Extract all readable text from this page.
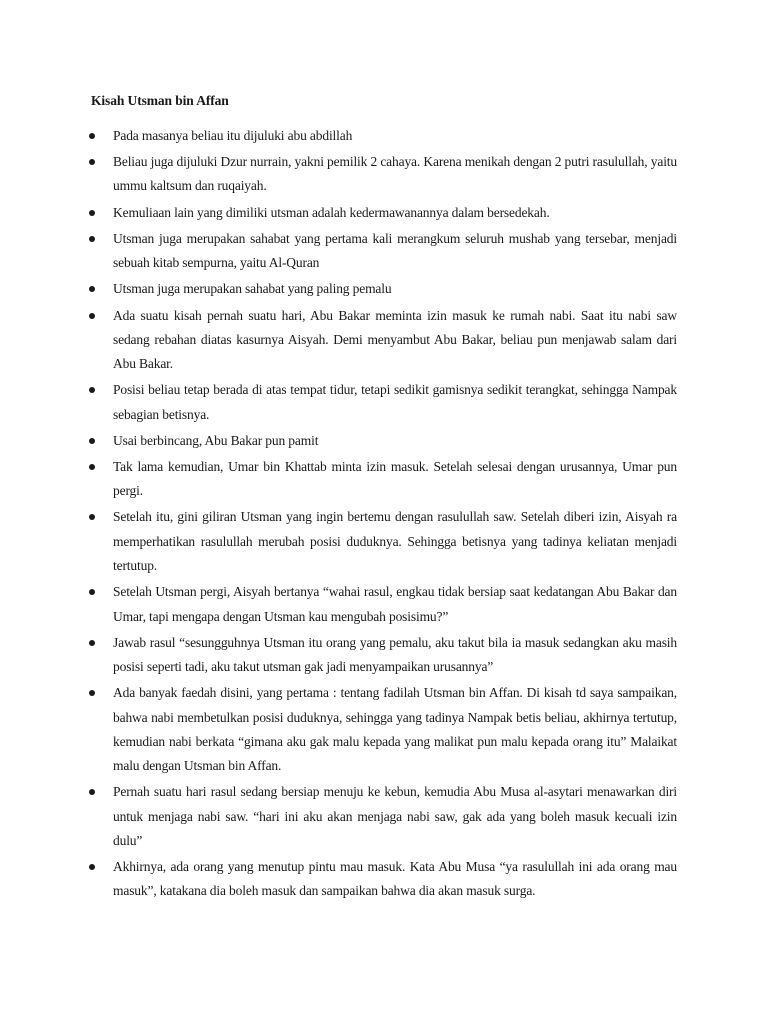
Kisah Utsman bin Affan
Pada masanya beliau itu dijuluki abu abdillah
Beliau juga dijuluki Dzur nurrain, yakni pemilik 2 cahaya. Karena menikah dengan 2 putri rasulullah, yaitu ummu kaltsum dan ruqaiyah.
Kemuliaan lain yang dimiliki utsman adalah kedermawanannya dalam bersedekah.
Utsman juga merupakan sahabat yang pertama kali merangkum seluruh mushab yang tersebar, menjadi sebuah kitab sempurna, yaitu Al-Quran
Utsman juga merupakan sahabat yang paling pemalu
Ada suatu kisah pernah suatu hari, Abu Bakar meminta izin masuk ke rumah nabi. Saat itu nabi saw sedang rebahan diatas kasurnya Aisyah. Demi menyambut Abu Bakar, beliau pun menjawab salam dari Abu Bakar.
Posisi beliau tetap berada di atas tempat tidur, tetapi sedikit gamisnya sedikit terangkat, sehingga Nampak sebagian betisnya.
Usai berbincang, Abu Bakar pun pamit
Tak lama kemudian, Umar bin Khattab minta izin masuk. Setelah selesai dengan urusannya, Umar pun pergi.
Setelah itu, gini giliran Utsman yang ingin bertemu dengan rasulullah saw. Setelah diberi izin, Aisyah ra memperhatikan rasulullah merubah posisi duduknya. Sehingga betisnya yang tadinya keliatan menjadi tertutup.
Setelah Utsman pergi, Aisyah bertanya “wahai rasul, engkau tidak bersiap saat kedatangan Abu Bakar dan Umar, tapi mengapa dengan Utsman kau mengubah posisimu?”
Jawab rasul “sesungguhnya Utsman itu orang yang pemalu, aku takut bila ia masuk sedangkan aku masih posisi seperti tadi, aku takut utsman gak jadi menyampaikan urusannya”
Ada banyak faedah disini, yang pertama : tentang fadilah Utsman bin Affan. Di kisah td saya sampaikan, bahwa nabi membetulkan posisi duduknya, sehingga yang tadinya Nampak betis beliau, akhirnya tertutup, kemudian nabi berkata “gimana aku gak malu kepada yang malikat pun malu kepada orang itu” Malaikat malu dengan Utsman bin Affan.
Pernah suatu hari rasul sedang bersiap menuju ke kebun, kemudia Abu Musa al-asytari menawarkan diri untuk menjaga nabi saw. “hari ini aku akan menjaga nabi saw, gak ada yang boleh masuk kecuali izin dulu”
Akhirnya, ada orang yang menutup pintu mau masuk. Kata Abu Musa “ya rasulullah ini ada orang mau masuk”, katakana dia boleh masuk dan sampaikan bahwa dia akan masuk surga.
